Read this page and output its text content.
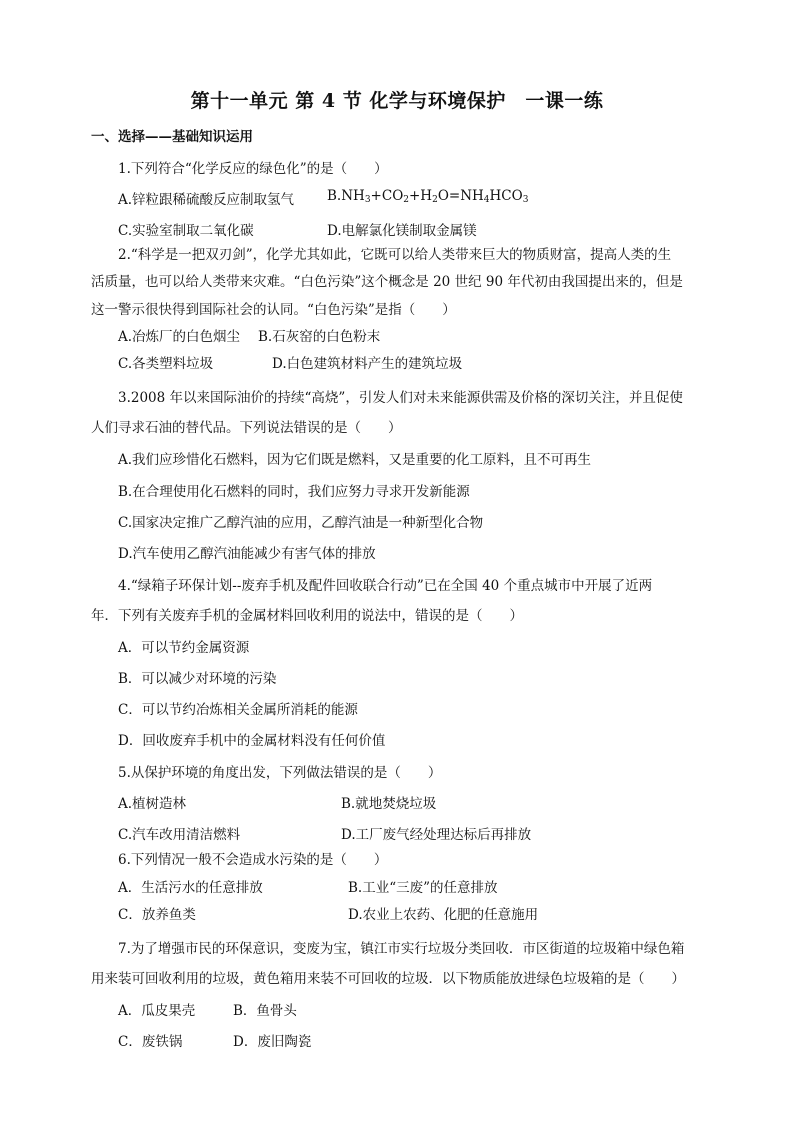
第十一单元 第 4 节 化学与环境保护　一课一练
一、选择——基础知识运用
1.下列符合“化学反应的绿色化”的是（　　）
A.锌粒跟稀硫酸反应制取氢气 $B.NH_3+CO_2+H_2O=NH_4HCO_3$
C.实验室制取二氧化碳	D.电解氯化镁制取金属镁
2.“科学是一把双刃剑”，化学尤其如此，它既可以给人类带来巨大的物质财富，提高人类的生
活质量，也可以给人类带来灾难。“白色污染”这个概念是 20 世纪 90 年代初由我国提出来的，但是
这一警示很快得到国际社会的认同。“白色污染”是指（　　）
A.冶炼厂的白色烟尘 B.石灰窑的白色粉末
C.各类塑料垃圾	D.白色建筑材料产生的建筑垃圾
3.2008 年以来国际油价的持续“高烧”，引发人们对未来能源供需及价格的深切关注，并且促使
人们寻求石油的替代品。下列说法错误的是（　　）
A.我们应珍惜化石燃料，因为它们既是燃料，又是重要的化工原料，且不可再生
B.在合理使用化石燃料的同时，我们应努力寻求开发新能源
C.国家决定推广乙醇汽油的应用，乙醇汽油是一种新型化合物
D.汽车使用乙醇汽油能减少有害气体的排放
4.“绿箱子环保计划--废弃手机及配件回收联合行动”已在全国 40 个重点城市中开展了近两
年．下列有关废弃手机的金属材料回收利用的说法中，错误的是（　　）
A．可以节约金属资源
B．可以减少对环境的污染
C．可以节约冶炼相关金属所消耗的能源
D．回收废弃手机中的金属材料没有任何价值
5.从保护环境的角度出发，下列做法错误的是（　　）
A.植树造林	B.就地焚烧垃圾
C.汽车改用清洁燃料	D.工厂废气经处理达标后再排放
6.下列情况一般不会造成水污染的是（　　）
A．生活污水的任意排放	B.工业“三废”的任意排放
C．放养鱼类	D.农业上农药、化肥的任意施用
7.为了增强市民的环保意识，变废为宝，镇江市实行垃圾分类回收．市区街道的垃圾箱中绿色箱
用来装可回收利用的垃圾，黄色箱用来装不可回收的垃圾．以下物质能放进绿色垃圾箱的是（　　）
A．瓜皮果壳	B．鱼骨头
C．废铁锅	D．废旧陶瓷
